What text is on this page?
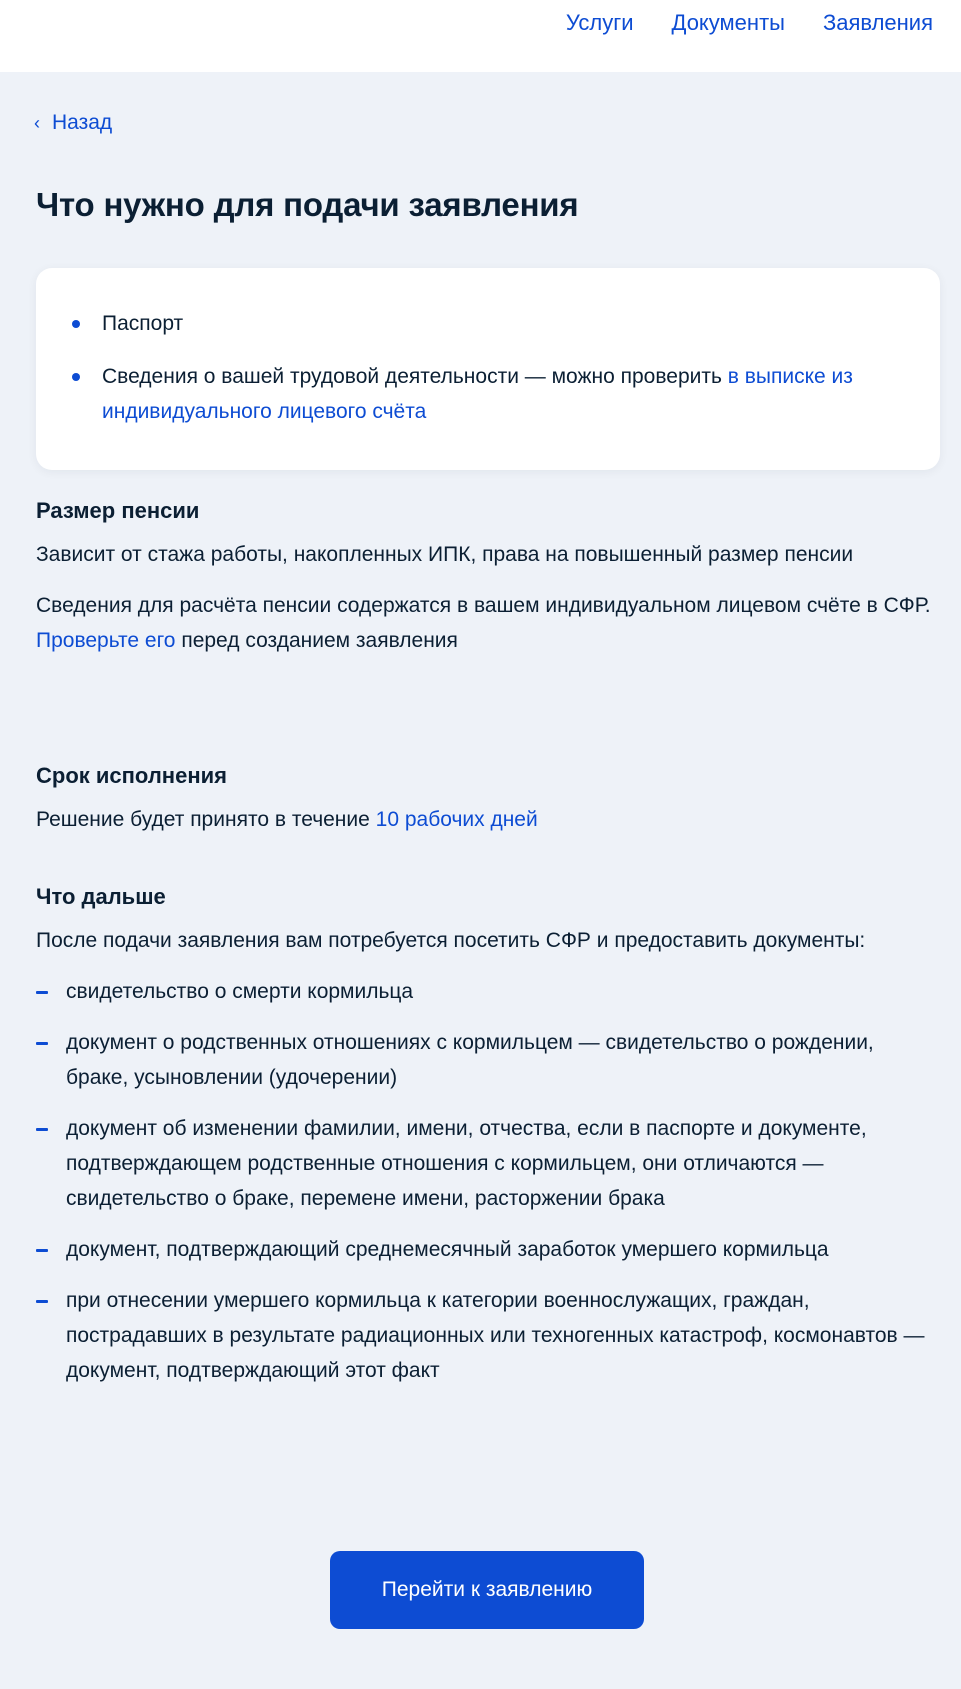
Услуги Документы Заявления
‹ Назад
Что нужно для подачи заявления
Паспорт
Сведения о вашей трудовой деятельности — можно проверить в выписке из индивидуального лицевого счёта
Размер пенсии

Зависит от стажа работы, накопленных ИПК, права на повышенный размер пенсии

Сведения для расчёта пенсии содержатся в вашем индивидуальном лицевом счёте в СФР. Проверьте его перед созданием заявления

Срок исполнения

Решение будет принято в течение 10 рабочих дней

Что дальше

После подачи заявления вам потребуется посетить СФР и предоставить документы:

свидетельство о смерти кормильца
документ о родственных отношениях с кормильцем — свидетельство о рождении, браке, усыновлении (удочерении)
документ об изменении фамилии, имени, отчества, если в паспорте и документе, подтверждающем родственные отношения с кормильцем, они отличаются — свидетельство о браке, перемене имени, расторжении брака
документ, подтверждающий среднемесячный заработок умершего кормильца
при отнесении умершего кормильца к категории военнослужащих, граждан, пострадавших в результате радиационных или техногенных катастроф, космонавтов — документ, подтверждающий этот факт
Перейти к заявлению
